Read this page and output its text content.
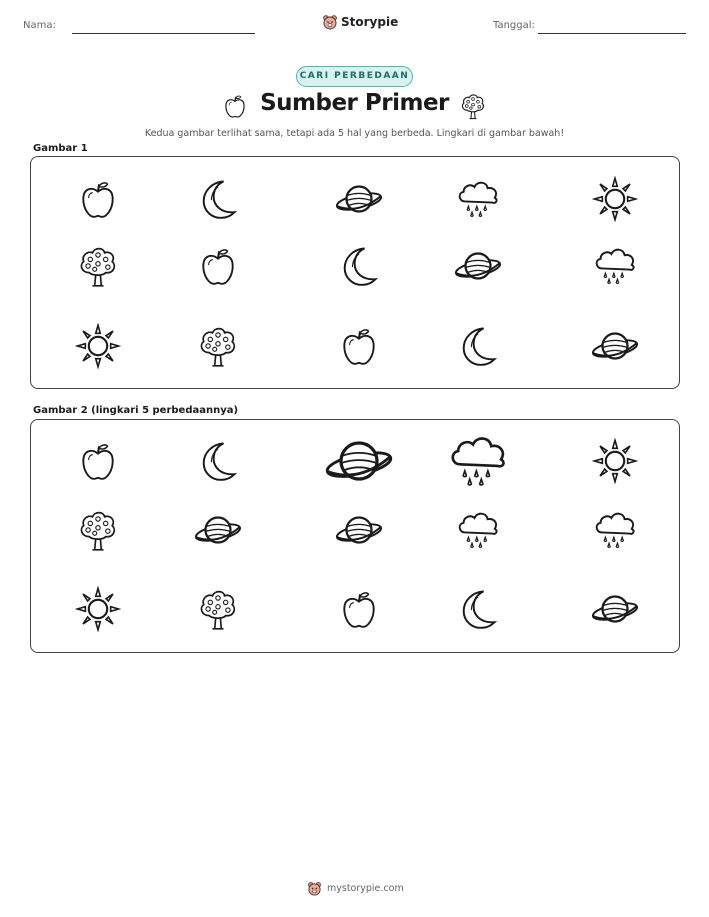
Nama:	Storypie	Tanggal:
CARI PERBEDAAN
Sumber Primer
Kedua gambar terlihat sama, tetapi ada 5 hal yang berbeda. Lingkari di gambar bawah!
Gambar 1
Gambar 2 (lingkari 5 perbedaannya)
mystorypie.com
